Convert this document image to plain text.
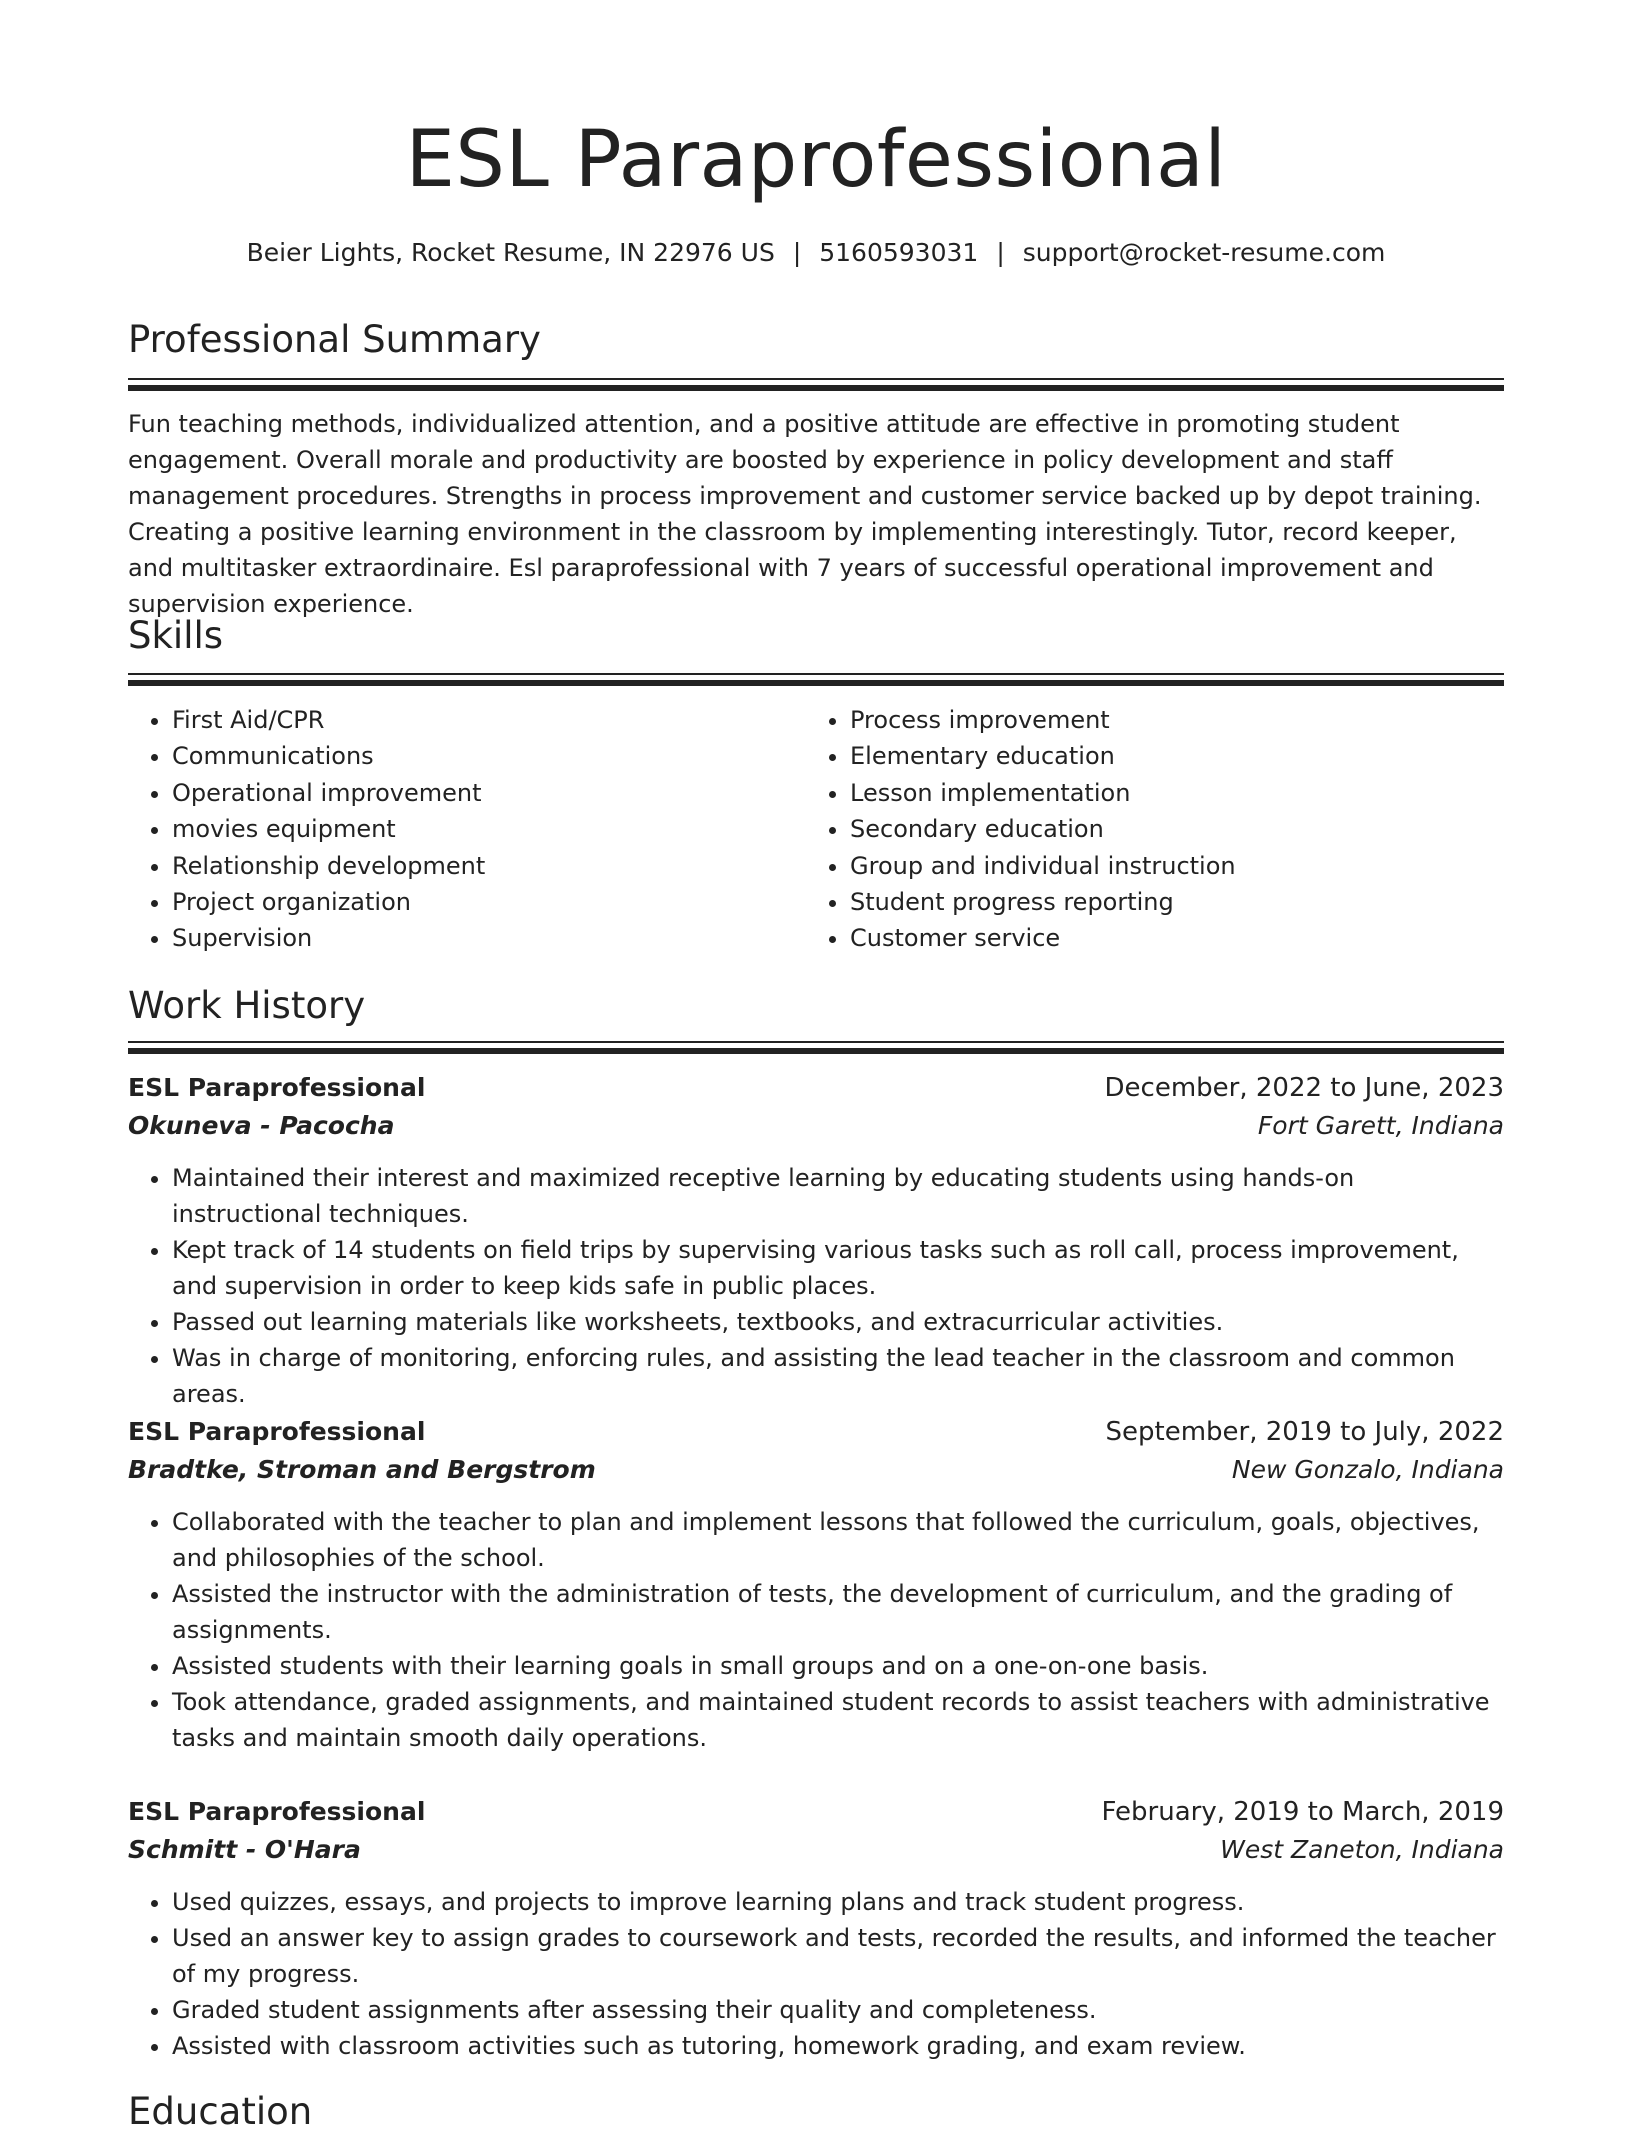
ESL Paraprofessional
Beier Lights, Rocket Resume, IN 22976 US | 5160593031 | support@rocket-resume.com
Professional Summary

Fun teaching methods, individualized attention, and a positive attitude are effective in promoting student engagement. Overall morale and productivity are boosted by experience in policy development and staff management procedures. Strengths in process improvement and customer service backed up by depot training. Creating a positive learning environment in the classroom by implementing interestingly. Tutor, record keeper, and multitasker extraordinaire. Esl paraprofessional with 7 years of successful operational improvement and supervision experience.

Skills
• First Aid/CPR
• Communications
• Operational improvement
• movies equipment
• Relationship development
• Project organization
• Supervision
• Process improvement
• Elementary education
• Lesson implementation
• Secondary education
• Group and individual instruction
• Student progress reporting
• Customer service
Work History
ESL Paraprofessional	December, 2022 to June, 2023
Okuneva - Pacocha	Fort Garett, Indiana
• Maintained their interest and maximized receptive learning by educating students using hands-on instructional techniques.
• Kept track of 14 students on field trips by supervising various tasks such as roll call, process improvement, and supervision in order to keep kids safe in public places.
• Passed out learning materials like worksheets, textbooks, and extracurricular activities.
• Was in charge of monitoring, enforcing rules, and assisting the lead teacher in the classroom and common areas.
ESL Paraprofessional	September, 2019 to July, 2022
Bradtke, Stroman and Bergstrom	New Gonzalo, Indiana
• Collaborated with the teacher to plan and implement lessons that followed the curriculum, goals, objectives, and philosophies of the school.
• Assisted the instructor with the administration of tests, the development of curriculum, and the grading of assignments.
• Assisted students with their learning goals in small groups and on a one-on-one basis.
• Took attendance, graded assignments, and maintained student records to assist teachers with administrative tasks and maintain smooth daily operations.
ESL Paraprofessional	February, 2019 to March, 2019
Schmitt - O'Hara	West Zaneton, Indiana
• Used quizzes, essays, and projects to improve learning plans and track student progress.
• Used an answer key to assign grades to coursework and tests, recorded the results, and informed the teacher of my progress.
• Graded student assignments after assessing their quality and completeness.
• Assisted with classroom activities such as tutoring, homework grading, and exam review.
Education
